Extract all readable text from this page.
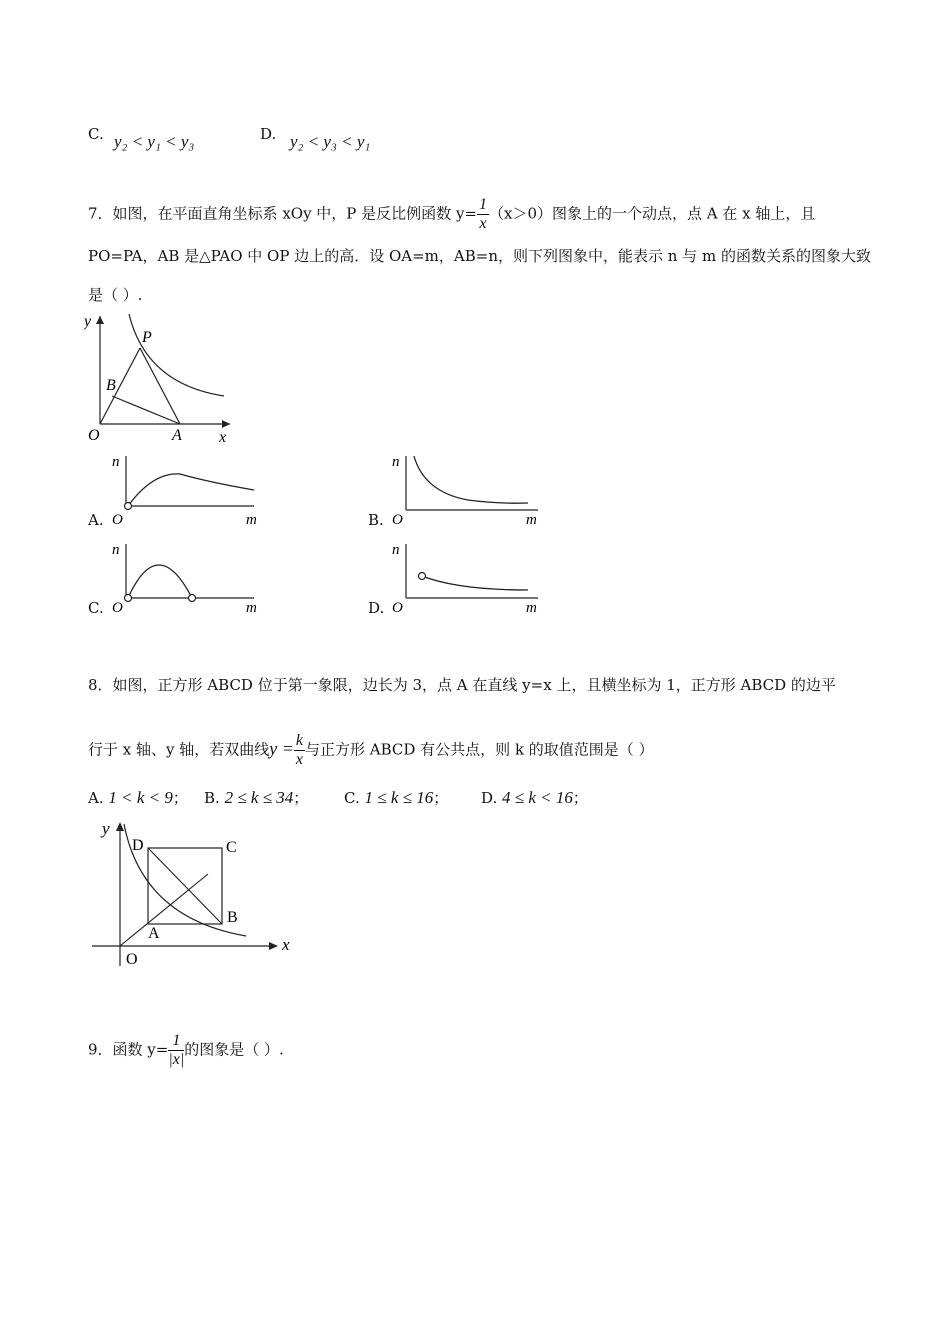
C. y₂ < y₁ < y₃	D. y₂ < y₃ < y₁
7．如图，在平面直角坐标系 xOy 中，P 是反比例函数 $y= \frac{1}{x} (x>0)$图象上的一个动点，点 A 在 x 轴上，且
PO=PA，AB 是△PAO 中 OP 边上的高．设 OA=m，AB=n，则下列图象中，能表示 n 与 m 的函数关系的图象大致
是（ ）.
y
x
O	A
B
P
A.
n
O	m	B.
n
O	m
C.
n
O	m	D.
n
O	m
8．如图，正方形 ABCD 位于第一象限，边长为 3，点 A 在直线 y=x 上，且横坐标为 1，正方形 ABCD 的边平
行于 x 轴、y 轴，若双曲线$y = \frac{k}{x}$ 与正方形 ABCD 有公共点，则 k 的取值范围是（ ）
A. 1 < k < 9； B. 2 ≤ k ≤ 34； C. 1 ≤ k ≤ 16； D. 4 ≤ k < 16；
y
x
O
A
B
C
D
9．函数 $y= \frac{1}{|x|}$ 的图象是（ ）.
